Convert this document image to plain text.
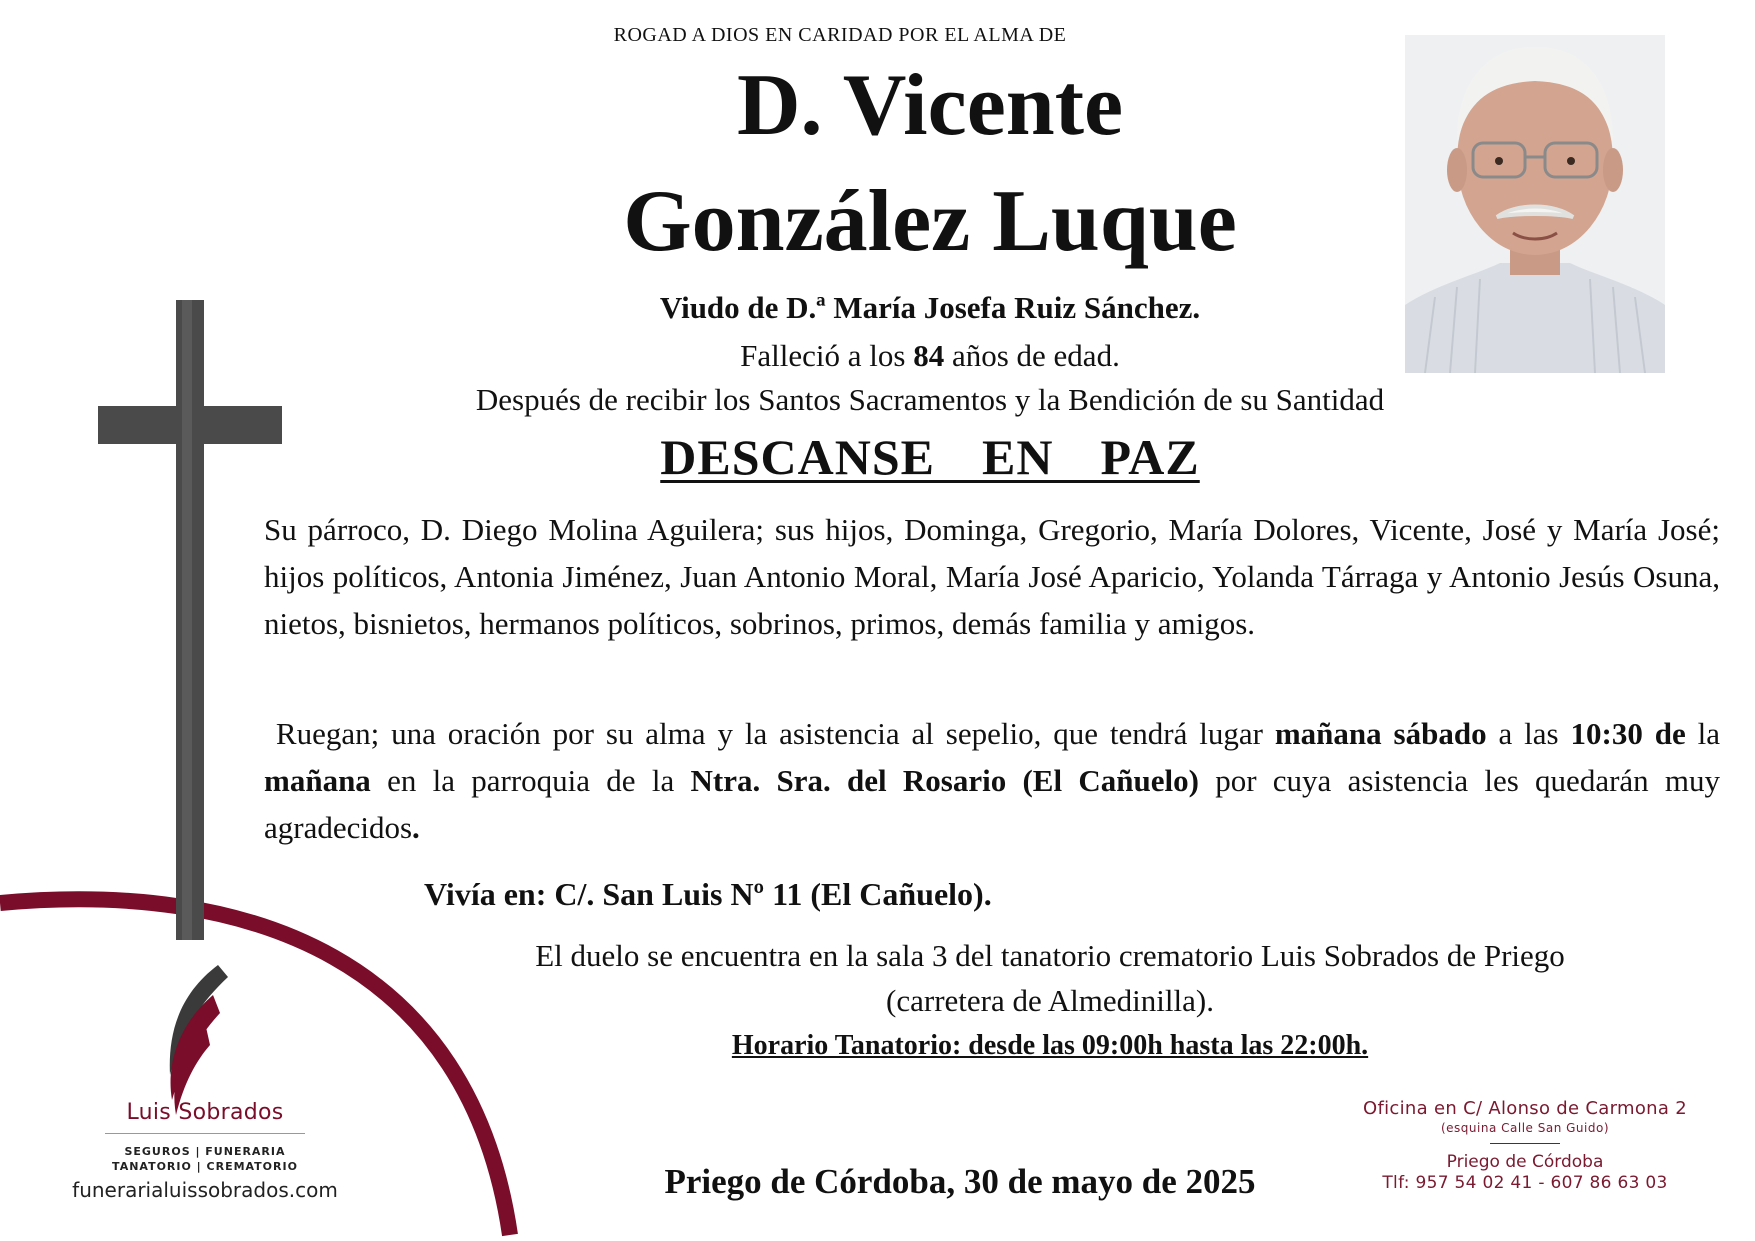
ROGAD A DIOS EN CARIDAD POR EL ALMA DE
D. Vicente
González Luque
Viudo de D.ª María Josefa Ruiz Sánchez.
Falleció a los 84 años de edad.
Después de recibir los Santos Sacramentos y la Bendición de su Santidad
DESCANSE  EN  PAZ
Su párroco, D. Diego Molina Aguilera; sus hijos, Dominga, Gregorio, María Dolores, Vicente, José y María José; hijos políticos, Antonia Jiménez, Juan Antonio Moral, María José Aparicio, Yolanda Tárraga y Antonio Jesús Osuna, nietos, bisnietos, hermanos políticos, sobrinos, primos, demás familia y amigos.
Ruegan; una oración por su alma y la asistencia al sepelio, que tendrá lugar mañana sábado a las 10:30 de la mañana en la parroquia de la Ntra. Sra. del Rosario (El Cañuelo) por cuya asistencia les quedarán muy agradecidos.
Vivía en: C/. San Luis Nº 11 (El Cañuelo).
El duelo se encuentra en la sala 3 del tanatorio crematorio Luis Sobrados de Priego
(carretera de Almedinilla).
Horario Tanatorio: desde las 09:00h hasta las 22:00h.
Priego de Córdoba, 30 de mayo de 2025
Luis Sobrados
SEGUROS | FUNERARIA
TANATORIO | CREMATORIO
funerarialuissobrados.com
Oficina en C/ Alonso de Carmona 2
(esquina Calle San Guido)
Priego de Córdoba
Tlf: 957 54 02 41 - 607 86 63 03
